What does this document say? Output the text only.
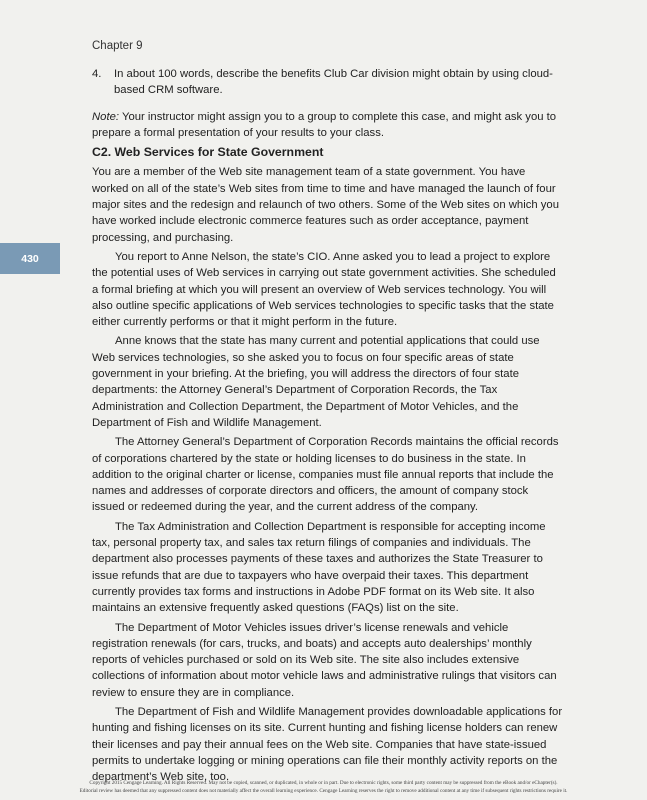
Chapter 9
430
4.	In about 100 words, describe the benefits Club Car division might obtain by using cloud-based CRM software.
Note: Your instructor might assign you to a group to complete this case, and might ask you to prepare a formal presentation of your results to your class.
C2. Web Services for State Government

You are a member of the Web site management team of a state government. You have worked on all of the state’s Web sites from time to time and have managed the launch of four major sites and the redesign and relaunch of two others. Some of the Web sites on which you have worked include electronic commerce features such as order acceptance, payment processing, and purchasing.

You report to Anne Nelson, the state’s CIO. Anne asked you to lead a project to explore the potential uses of Web services in carrying out state government activities. She scheduled a formal briefing at which you will present an overview of Web services technology. You will also outline specific applications of Web services technologies to specific tasks that the state either currently performs or that it might perform in the future.

Anne knows that the state has many current and potential applications that could use Web services technologies, so she asked you to focus on four specific areas of state government in your briefing. At the briefing, you will address the directors of four state departments: the Attorney General’s Department of Corporation Records, the Tax Administration and Collection Department, the Department of Motor Vehicles, and the Department of Fish and Wildlife Management.

The Attorney General’s Department of Corporation Records maintains the official records of corporations chartered by the state or holding licenses to do business in the state. In addition to the original charter or license, companies must file annual reports that include the names and addresses of corporate directors and officers, the amount of company stock issued or redeemed during the year, and the current address of the company.

The Tax Administration and Collection Department is responsible for accepting income tax, personal property tax, and sales tax return filings of companies and individuals. The department also processes payments of these taxes and authorizes the State Treasurer to issue refunds that are due to taxpayers who have overpaid their taxes. This department currently provides tax forms and instructions in Adobe PDF format on its Web site. It also maintains an extensive frequently asked questions (FAQs) list on the site.

The Department of Motor Vehicles issues driver’s license renewals and vehicle registration renewals (for cars, trucks, and boats) and accepts auto dealerships’ monthly reports of vehicles purchased or sold on its Web site. The site also includes extensive collections of information about motor vehicle laws and administrative rulings that visitors can review to ensure they are in compliance.

The Department of Fish and Wildlife Management provides downloadable applications for hunting and fishing licenses on its site. Current hunting and fishing license holders can renew their licenses and pay their annual fees on the Web site. Companies that have state-issued permits to undertake logging or mining operations can file their monthly activity reports on the department’s Web site, too.

Copyright 2015 Cengage Learning. All Rights Reserved. May not be copied, scanned, or duplicated, in whole or in part. Due to electronic rights, some third party content may be suppressed from the eBook and/or eChapter(s).
Editorial review has deemed that any suppressed content does not materially affect the overall learning experience. Cengage Learning reserves the right to remove additional content at any time if subsequent rights restrictions require it.
